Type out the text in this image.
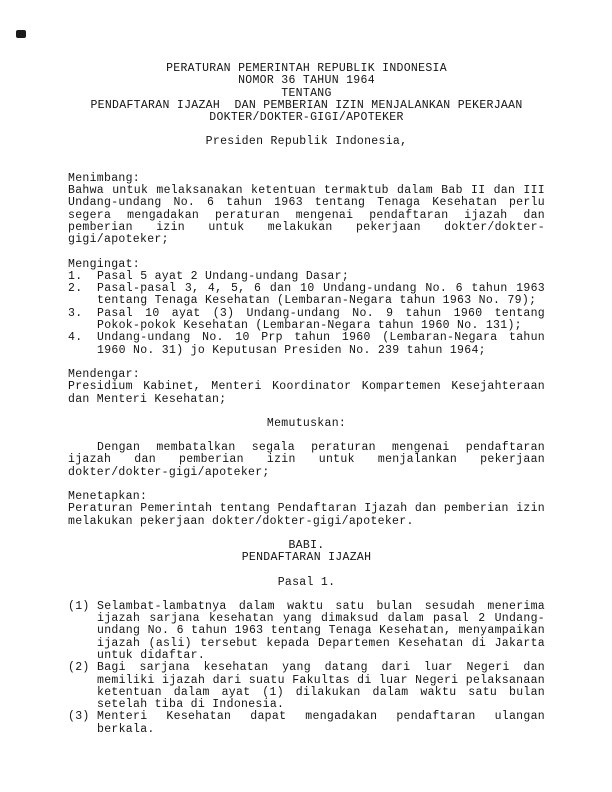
PERATURAN PEMERINTAH REPUBLIK INDONESIA
NOMOR 36 TAHUN 1964
TENTANG
PENDAFTARAN IJAZAH  DAN PEMBERIAN IZIN MENJALANKAN PEKERJAAN
DOKTER/DOKTER-GIGI/APOTEKER
Presiden Republik Indonesia,
Menimbang:
Bahwa untuk melaksanakan ketentuan termaktub dalam Bab II dan III Undang-undang No. 6 tahun 1963 tentang Tenaga Kesehatan perlu segera mengadakan peraturan mengenai pendaftaran ijazah dan pemberian izin untuk melakukan pekerjaan dokter/dokter-gigi/apoteker;
Mengingat:
1.	Pasal 5 ayat 2 Undang-undang Dasar;
2.	Pasal-pasal 3, 4, 5, 6 dan 10 Undang-undang No. 6 tahun 1963 tentang Tenaga Kesehatan (Lembaran-Negara tahun 1963 No. 79);
3.	Pasal 10 ayat (3) Undang-undang No. 9 tahun 1960 tentang Pokok-pokok Kesehatan (Lembaran-Negara tahun 1960 No. 131);
4.	Undang-undang No. 10 Prp tahun 1960 (Lembaran-Negara tahun 1960 No. 31) jo Keputusan Presiden No. 239 tahun 1964;
Mendengar:
Presidium Kabinet, Menteri Koordinator Kompartemen Kesejahteraan dan Menteri Kesehatan;
Memutuskan:
Dengan membatalkan segala peraturan mengenai pendaftaran ijazah dan pemberian izin untuk menjalankan pekerjaan dokter/dokter-gigi/apoteker;
Menetapkan:
Peraturan Pemerintah tentang Pendaftaran Ijazah dan pemberian izin melakukan pekerjaan dokter/dokter-gigi/apoteker.
BABI.
PENDAFTARAN IJAZAH
Pasal 1.
(1) Selambat-lambatnya dalam waktu satu bulan sesudah menerima ijazah sarjana kesehatan yang dimaksud dalam pasal 2 Undang-undang No. 6 tahun 1963 tentang Tenaga Kesehatan, menyampaikan ijazah (asli) tersebut kepada Departemen Kesehatan di Jakarta untuk didaftar.
(2) Bagi sarjana kesehatan yang datang dari luar Negeri dan memiliki ijazah dari suatu Fakultas di luar Negeri pelaksanaan ketentuan dalam ayat (1) dilakukan dalam waktu satu bulan setelah tiba di Indonesia.
(3) Menteri Kesehatan dapat mengadakan pendaftaran ulangan berkala.
